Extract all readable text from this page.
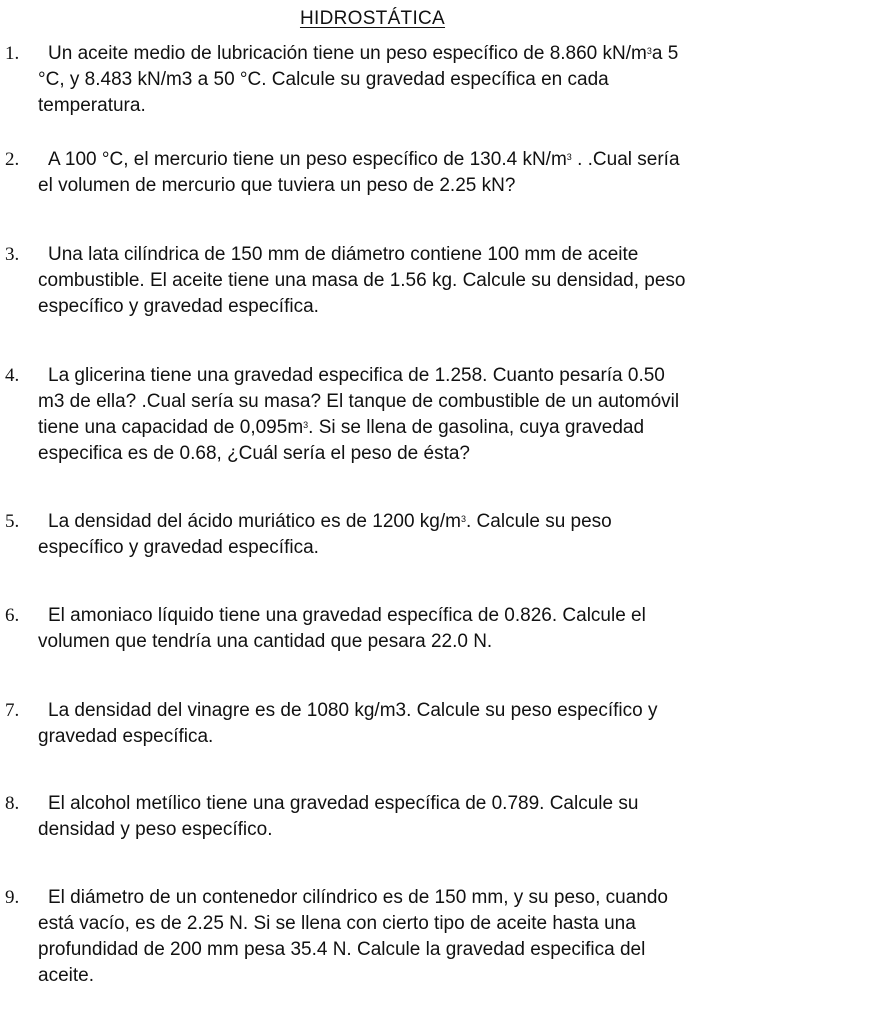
HIDROSTÁTICA
1.	Un aceite medio de lubricación tiene un peso específico de 8.860 $kN/m^3a$ 5
°C, y 8.483 kN/m3 a 50 °C. Calcule su gravedad específica en cada
temperatura.
2.	A 100 °C, el mercurio tiene un peso específico de 130.4 $kN/m^3$ . .Cual sería
el volumen de mercurio que tuviera un peso de 2.25 kN?
3.	Una lata cilíndrica de 150 mm de diámetro contiene 100 mm de aceite
combustible. El aceite tiene una masa de 1.56 kg. Calcule su densidad, peso
específico y gravedad específica.
4.	La glicerina tiene una gravedad especifica de 1.258. Cuanto pesaría 0.50
m3 de ella? .Cual sería su masa? El tanque de combustible de un automóvil
tiene una capacidad de $0,095m^3$. Si se llena de gasolina, cuya gravedad
especifica es de 0.68, ¿Cuál sería el peso de ésta?
5.	La densidad del ácido muriático es de 1200 $kg/m^3$. Calcule su peso
específico y gravedad específica.
6.	El amoniaco líquido tiene una gravedad específica de 0.826. Calcule el
volumen que tendría una cantidad que pesara 22.0 N.
7.	La densidad del vinagre es de 1080 kg/m3. Calcule su peso específico y
gravedad específica.
8.	El alcohol metílico tiene una gravedad específica de 0.789. Calcule su
densidad y peso específico.
9.	El diámetro de un contenedor cilíndrico es de 150 mm, y su peso, cuando
está vacío, es de 2.25 N. Si se llena con cierto tipo de aceite hasta una
profundidad de 200 mm pesa 35.4 N. Calcule la gravedad especifica del
aceite.
